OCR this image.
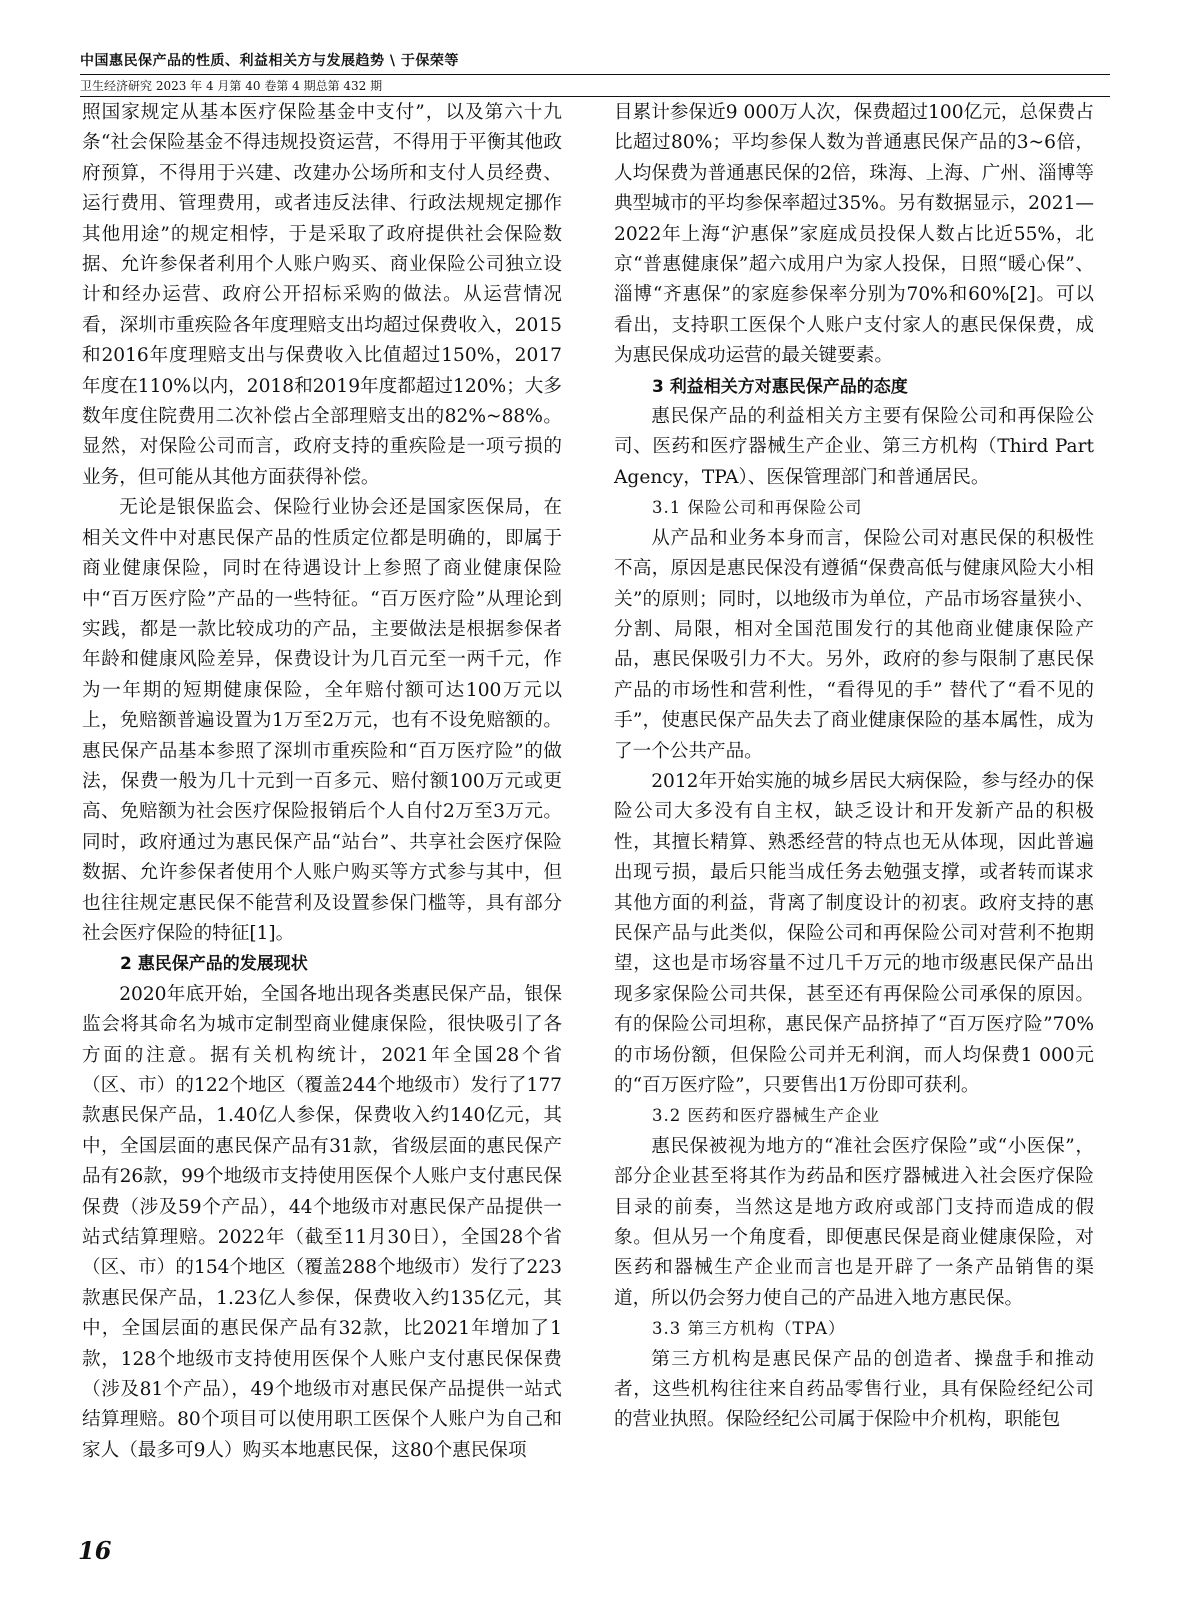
中国惠民保产品的性质、利益相关方与发展趋势 \ 于保荣等
卫生经济研究 2023 年 4 月第 40 卷第 4 期总第 432 期

照国家规定从基本医疗保险基金中支付”，以及第六十九条“社会保险基金不得违规投资运营，不得用于平衡其他政府预算，不得用于兴建、改建办公场所和支付人员经费、运行费用、管理费用，或者违反法律、行政法规规定挪作其他用途”的规定相悖，于是采取了政府提供社会保险数据、允许参保者利用个人账户购买、商业保险公司独立设计和经办运营、政府公开招标采购的做法。从运营情况看，深圳市重疾险各年度理赔支出均超过保费收入，2015和2016年度理赔支出与保费收入比值超过150%，2017年度在110%以内，2018和2019年度都超过120%；大多数年度住院费用二次补偿占全部理赔支出的82%~88%。显然，对保险公司而言，政府支持的重疾险是一项亏损的业务，但可能从其他方面获得补偿。

无论是银保监会、保险行业协会还是国家医保局，在相关文件中对惠民保产品的性质定位都是明确的，即属于商业健康保险，同时在待遇设计上参照了商业健康保险中“百万医疗险”产品的一些特征。“百万医疗险”从理论到实践，都是一款比较成功的产品，主要做法是根据参保者年龄和健康风险差异，保费设计为几百元至一两千元，作为一年期的短期健康保险，全年赔付额可达100万元以上，免赔额普遍设置为1万至2万元，也有不设免赔额的。惠民保产品基本参照了深圳市重疾险和“百万医疗险”的做法，保费一般为几十元到一百多元、赔付额100万元或更高、免赔额为社会医疗保险报销后个人自付2万至3万元。同时，政府通过为惠民保产品“站台”、共享社会医疗保险数据、允许参保者使用个人账户购买等方式参与其中，但也往往规定惠民保不能营利及设置参保门槛等，具有部分社会医疗保险的特征[1]。

2 惠民保产品的发展现状

2020年底开始，全国各地出现各类惠民保产品，银保监会将其命名为城市定制型商业健康保险，很快吸引了各方面的注意。据有关机构统计，2021年全国28个省（区、市）的122个地区（覆盖244个地级市）发行了177款惠民保产品，1.40亿人参保，保费收入约140亿元，其中，全国层面的惠民保产品有31款，省级层面的惠民保产品有26款，99个地级市支持使用医保个人账户支付惠民保保费（涉及59个产品），44个地级市对惠民保产品提供一站式结算理赔。2022年（截至11月30日），全国28个省（区、市）的154个地区（覆盖288个地级市）发行了223款惠民保产品，1.23亿人参保，保费收入约135亿元，其中，全国层面的惠民保产品有32款，比2021年增加了1款，128个地级市支持使用医保个人账户支付惠民保保费（涉及81个产品），49个地级市对惠民保产品提供一站式结算理赔。80个项目可以使用职工医保个人账户为自己和家人（最多可9人）购买本地惠民保，这80个惠民保项

目累计参保近9 000万人次，保费超过100亿元，总保费占比超过80%；平均参保人数为普通惠民保产品的3~6倍，人均保费为普通惠民保的2倍，珠海、上海、广州、淄博等典型城市的平均参保率超过35%。另有数据显示，2021—2022年上海“沪惠保”家庭成员投保人数占比近55%，北京“普惠健康保”超六成用户为家人投保，日照“暖心保”、淄博“齐惠保”的家庭参保率分别为70%和60%[2]。可以看出，支持职工医保个人账户支付家人的惠民保保费，成为惠民保成功运营的最关键要素。

3 利益相关方对惠民保产品的态度

惠民保产品的利益相关方主要有保险公司和再保险公司、医药和医疗器械生产企业、第三方机构（Third Part Agency，TPA）、医保管理部门和普通居民。

3.1 保险公司和再保险公司

从产品和业务本身而言，保险公司对惠民保的积极性不高，原因是惠民保没有遵循“保费高低与健康风险大小相关”的原则；同时，以地级市为单位，产品市场容量狭小、分割、局限，相对全国范围发行的其他商业健康保险产品，惠民保吸引力不大。另外，政府的参与限制了惠民保产品的市场性和营利性，“看得见的手” 替代了“看不见的手”，使惠民保产品失去了商业健康保险的基本属性，成为了一个公共产品。

2012年开始实施的城乡居民大病保险，参与经办的保险公司大多没有自主权，缺乏设计和开发新产品的积极性，其擅长精算、熟悉经营的特点也无从体现，因此普遍出现亏损，最后只能当成任务去勉强支撑，或者转而谋求其他方面的利益，背离了制度设计的初衷。政府支持的惠民保产品与此类似，保险公司和再保险公司对营利不抱期望，这也是市场容量不过几千万元的地市级惠民保产品出现多家保险公司共保，甚至还有再保险公司承保的原因。有的保险公司坦称，惠民保产品挤掉了“百万医疗险”70%的市场份额，但保险公司并无利润，而人均保费1 000元的“百万医疗险”，只要售出1万份即可获利。

3.2 医药和医疗器械生产企业

惠民保被视为地方的“准社会医疗保险”或“小医保”，部分企业甚至将其作为药品和医疗器械进入社会医疗保险目录的前奏，当然这是地方政府或部门支持而造成的假象。但从另一个角度看，即便惠民保是商业健康保险，对医药和器械生产企业而言也是开辟了一条产品销售的渠道，所以仍会努力使自己的产品进入地方惠民保。

3.3 第三方机构（TPA）

第三方机构是惠民保产品的创造者、操盘手和推动者，这些机构往往来自药品零售行业，具有保险经纪公司的营业执照。保险经纪公司属于保险中介机构，职能包

16
